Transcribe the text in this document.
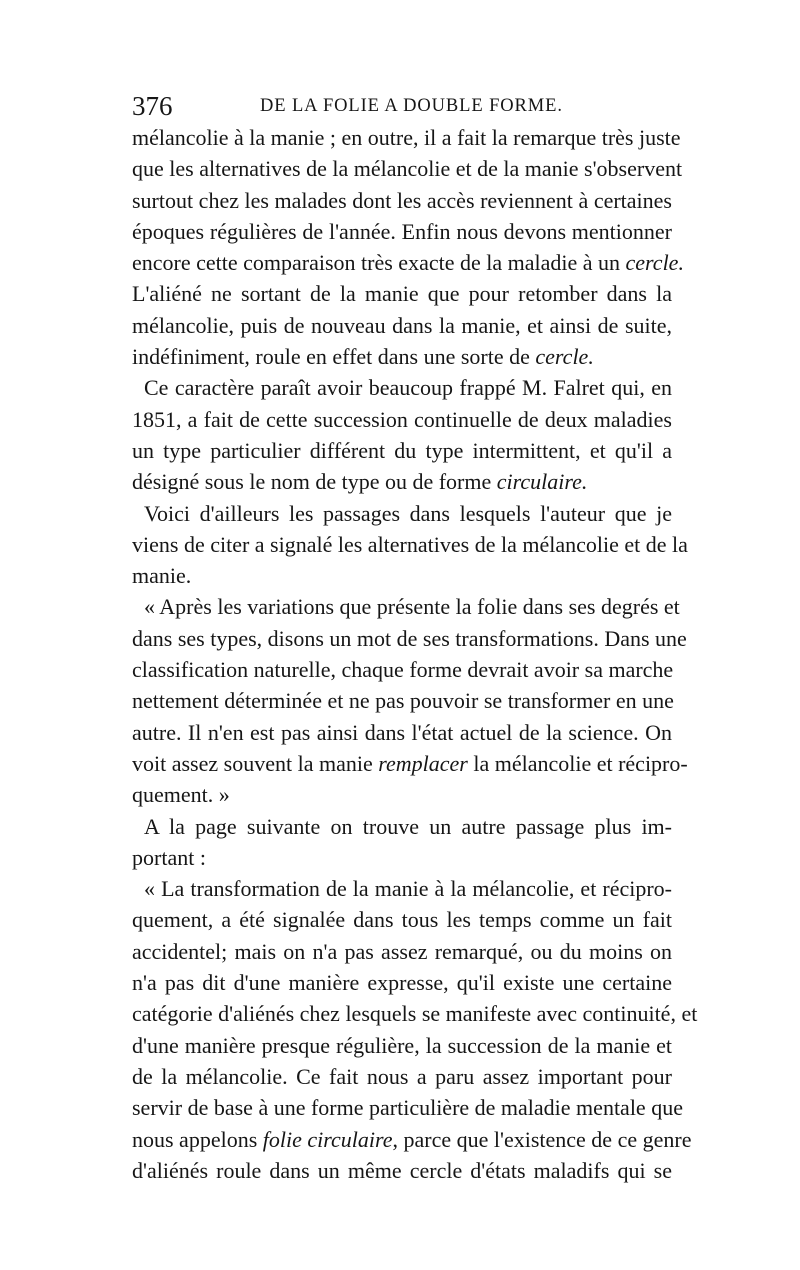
376	DE LA FOLIE A DOUBLE FORME.
mélancolie à la manie ; en outre, il a fait la remarque très juste
que les alternatives de la mélancolie et de la manie s'observent
surtout chez les malades dont les accès reviennent à certaines
époques régulières de l'année. Enfin nous devons mentionner
encore cette comparaison très exacte de la maladie à un cercle.
L'aliéné ne sortant de la manie que pour retomber dans la
mélancolie, puis de nouveau dans la manie, et ainsi de suite,
indéfiniment, roule en effet dans une sorte de cercle.
Ce caractère paraît avoir beaucoup frappé M. Falret qui, en
1851, a fait de cette succession continuelle de deux maladies
un type particulier différent du type intermittent, et qu'il a
désigné sous le nom de type ou de forme circulaire.
Voici d'ailleurs les passages dans lesquels l'auteur que je
viens de citer a signalé les alternatives de la mélancolie et de la
manie.
« Après les variations que présente la folie dans ses degrés et
dans ses types, disons un mot de ses transformations. Dans une
classification naturelle, chaque forme devrait avoir sa marche
nettement déterminée et ne pas pouvoir se transformer en une
autre. Il n'en est pas ainsi dans l'état actuel de la science. On
voit assez souvent la manie remplacer la mélancolie et récipro-
quement. »
A la page suivante on trouve un autre passage plus im-
portant :
« La transformation de la manie à la mélancolie, et récipro-
quement, a été signalée dans tous les temps comme un fait
accidentel; mais on n'a pas assez remarqué, ou du moins on
n'a pas dit d'une manière expresse, qu'il existe une certaine
catégorie d'aliénés chez lesquels se manifeste avec continuité, et
d'une manière presque régulière, la succession de la manie et
de la mélancolie. Ce fait nous a paru assez important pour
servir de base à une forme particulière de maladie mentale que
nous appelons folie circulaire, parce que l'existence de ce genre
d'aliénés roule dans un même cercle d'états maladifs qui se
